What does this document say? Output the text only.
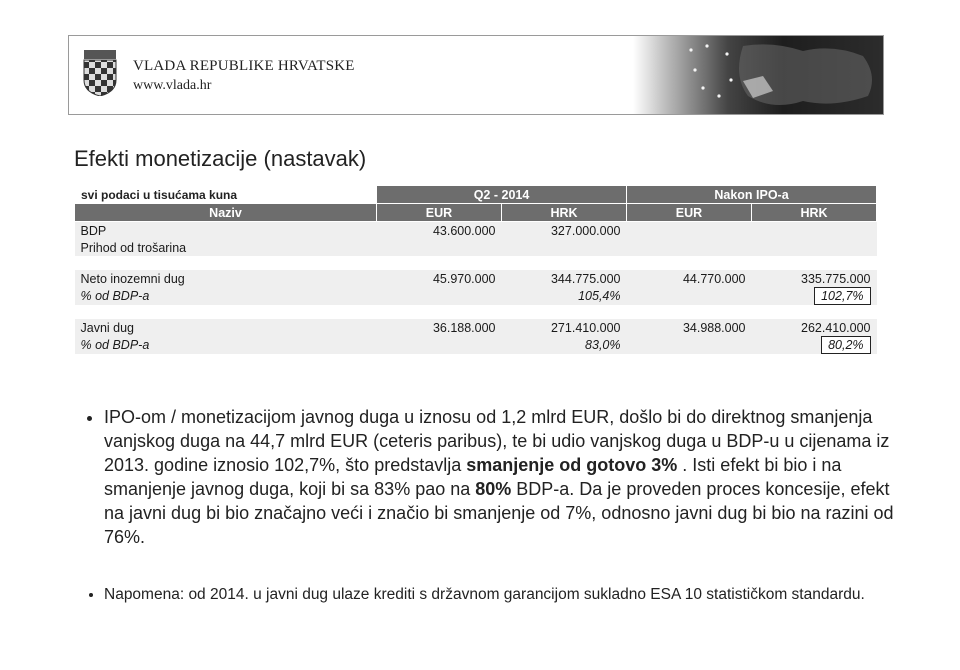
VLADA REPUBLIKE HRVATSKE
www.vlada.hr
Efekti monetizacije (nastavak)
svi podaci u tisućama kuna	Q2 - 2014		Nakon IPO-a	
Naziv	EUR	HRK	EUR	HRK
BDP	43.600.000	327.000.000		
Prihod od trošarina				

Neto inozemni dug	45.970.000	344.775.000	44.770.000	335.775.000
% od BDP-a		105,4%		102,7%

Javni dug	36.188.000	271.410.000	34.988.000	262.410.000
% od BDP-a		83,0%		80,2%
• IPO-om / monetizacijom javnog duga u iznosu od 1,2 mlrd EUR, došlo bi do direktnog smanjenja vanjskog duga na 44,7 mlrd EUR (ceteris paribus), te bi udio vanjskog duga u BDP-u u cijenama iz 2013. godine iznosio 102,7%, što predstavlja smanjenje od gotovo 3% . Isti efekt bi bio i na smanjenje javnog duga, koji bi sa 83% pao na 80% BDP-a. Da je proveden proces koncesije, efekt na javni dug bi bio značajno veći i značio bi smanjenje od 7%, odnosno javni dug bi bio na razini od 76%.
• Napomena: od 2014. u javni dug ulaze krediti s državnom garancijom sukladno ESA 10 statističkom standardu.
